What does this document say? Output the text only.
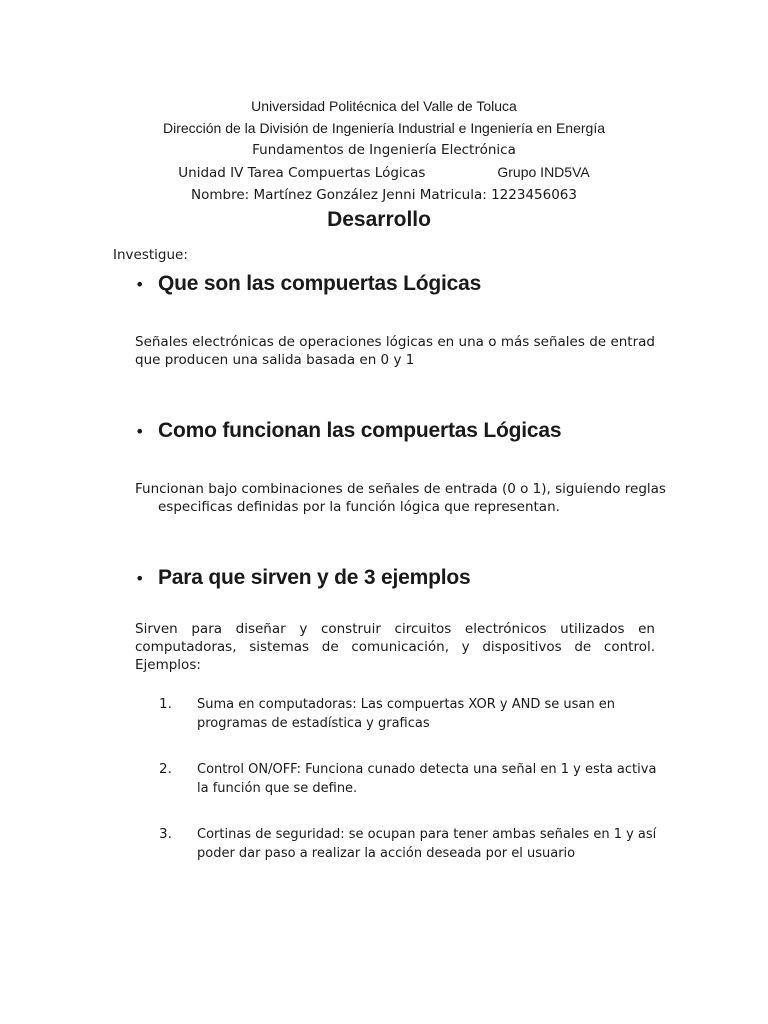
Universidad Politécnica del Valle de Toluca

Dirección de la División de Ingeniería Industrial e Ingeniería en Energía

Fundamentos de Ingeniería Electrónica

Unidad IV Tarea Compuertas Lógicas	Grupo IND5VA

Nombre: Martínez González Jenni Matricula: 1223456063

Desarrollo

Investigue:

• Que son las compuertas Lógicas

Señales electrónicas de operaciones lógicas en una o más señales de entrad que producen una salida basada en 0 y 1

• Como funcionan las compuertas Lógicas

Funcionan bajo combinaciones de señales de entrada (0 o 1), siguiendo reglas especificas definidas por la función lógica que representan.

• Para que sirven y de 3 ejemplos

Sirven para diseñar y construir circuitos electrónicos utilizados en computadoras, sistemas de comunicación, y dispositivos de control. Ejemplos:

1.	Suma en computadoras: Las compuertas XOR y AND se usan en programas de estadística y graficas
2.	Control ON/OFF: Funciona cunado detecta una señal en 1 y esta activa la función que se define.
3.	Cortinas de seguridad: se ocupan para tener ambas señales en 1 y así poder dar paso a realizar la acción deseada por el usuario
